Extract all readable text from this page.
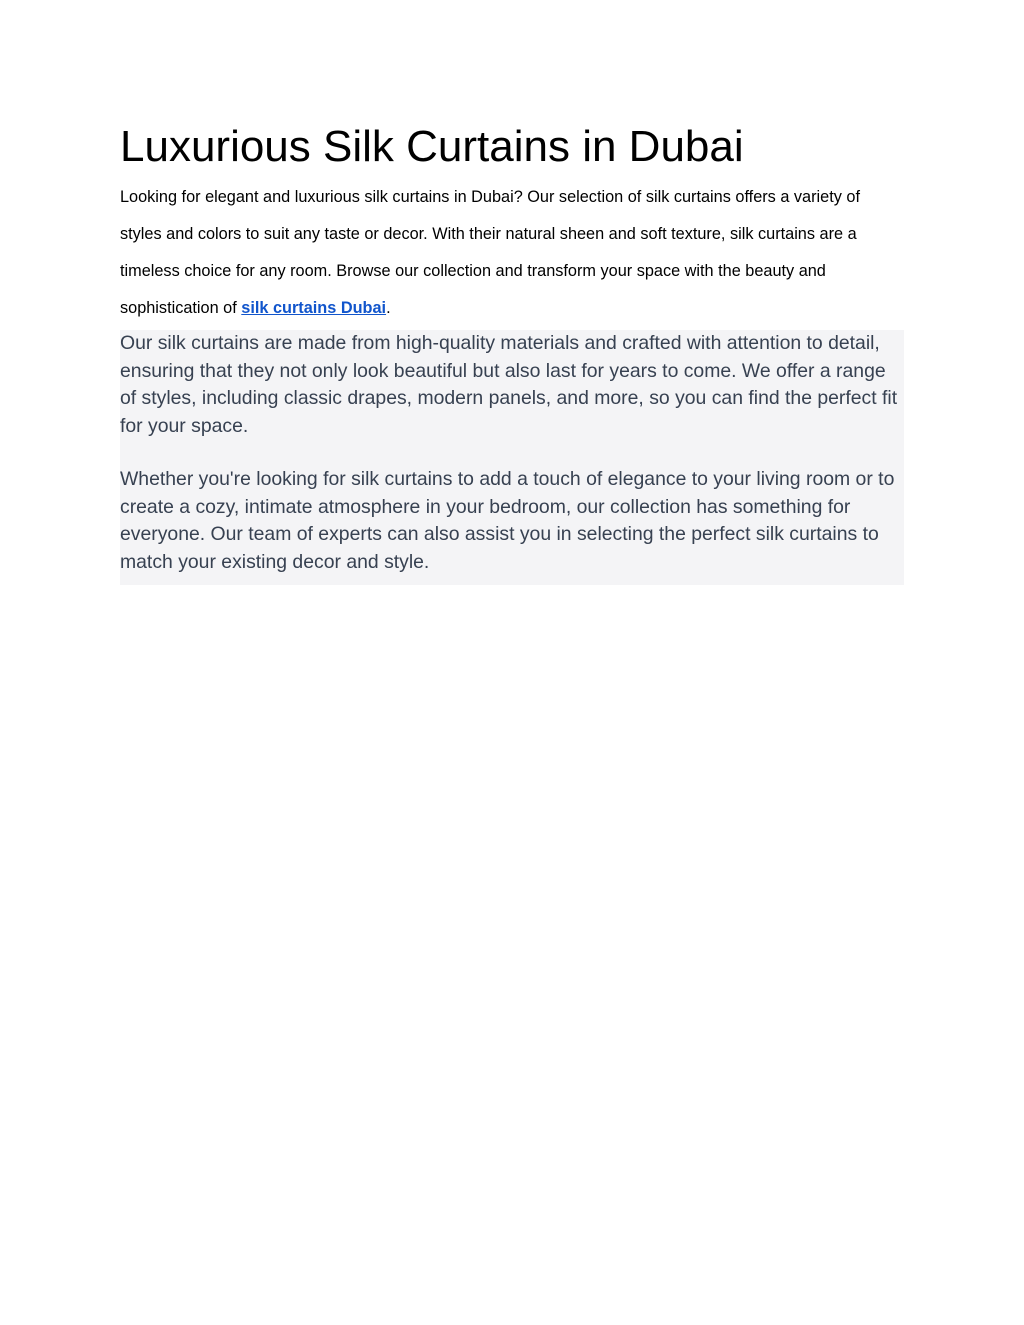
Luxurious Silk Curtains in Dubai

Looking for elegant and luxurious silk curtains in Dubai? Our selection of silk curtains offers a variety of styles and colors to suit any taste or decor. With their natural sheen and soft texture, silk curtains are a timeless choice for any room. Browse our collection and transform your space with the beauty and sophistication of silk curtains Dubai.

Our silk curtains are made from high-quality materials and crafted with attention to detail, ensuring that they not only look beautiful but also last for years to come. We offer a range of styles, including classic drapes, modern panels, and more, so you can find the perfect fit for your space.

Whether you're looking for silk curtains to add a touch of elegance to your living room or to create a cozy, intimate atmosphere in your bedroom, our collection has something for everyone. Our team of experts can also assist you in selecting the perfect silk curtains to match your existing decor and style.
